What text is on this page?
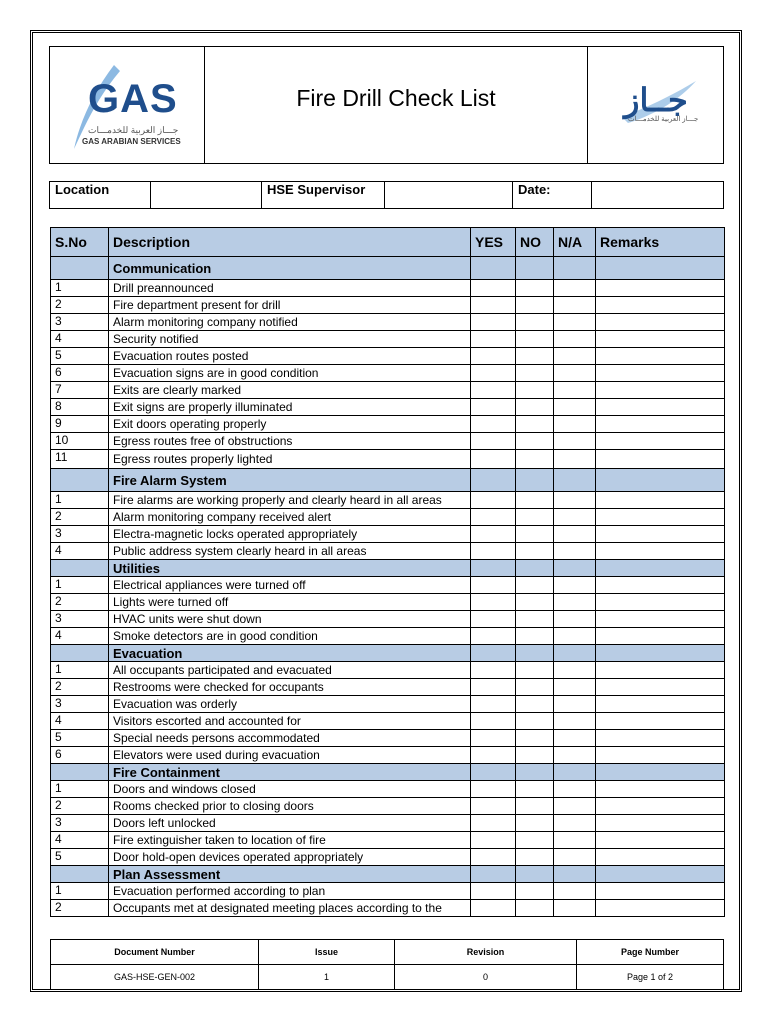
GAS
جـــاز العربية للخدمـــات
GAS ARABIAN SERVICES
Fire Drill Check List	جــاز
جـــاز العربية للخدمـــات
Location		HSE Supervisor		Date:	
S.No	Description	YES	NO	N/A	Remarks
	Communication				
1	Drill preannounced				
2	Fire department present for drill				
3	Alarm monitoring company notified				
4	Security notified				
5	Evacuation routes posted				
6	Evacuation signs are in good condition				
7	Exits are clearly marked				
8	Exit signs are properly illuminated				
9	Exit doors operating properly				
10	Egress routes free of obstructions				
11	Egress routes properly lighted				
	Fire Alarm System				
1	Fire alarms are working properly and clearly heard in all areas				
2	Alarm monitoring company received alert				
3	Electra-magnetic locks operated appropriately				
4	Public address system clearly heard in all areas				
	Utilities				
1	Electrical appliances were turned off				
2	Lights were turned off				
3	HVAC units were shut down				
4	Smoke detectors are in good condition				
	Evacuation				
1	All occupants participated and evacuated				
2	Restrooms were checked for occupants				
3	Evacuation was orderly				
4	Visitors escorted and accounted for				
5	Special needs persons accommodated				
6	Elevators were used during evacuation				
	Fire Containment				
1	Doors and windows closed				
2	Rooms checked prior to closing doors				
3	Doors left unlocked				
4	Fire extinguisher taken to location of fire				
5	Door hold-open devices operated appropriately				
	Plan Assessment				
1	Evacuation performed according to plan				
2	Occupants met at designated meeting places according to the				
Document Number	Issue	Revision	Page Number
GAS-HSE-GEN-002	1	0	Page 1 of 2
